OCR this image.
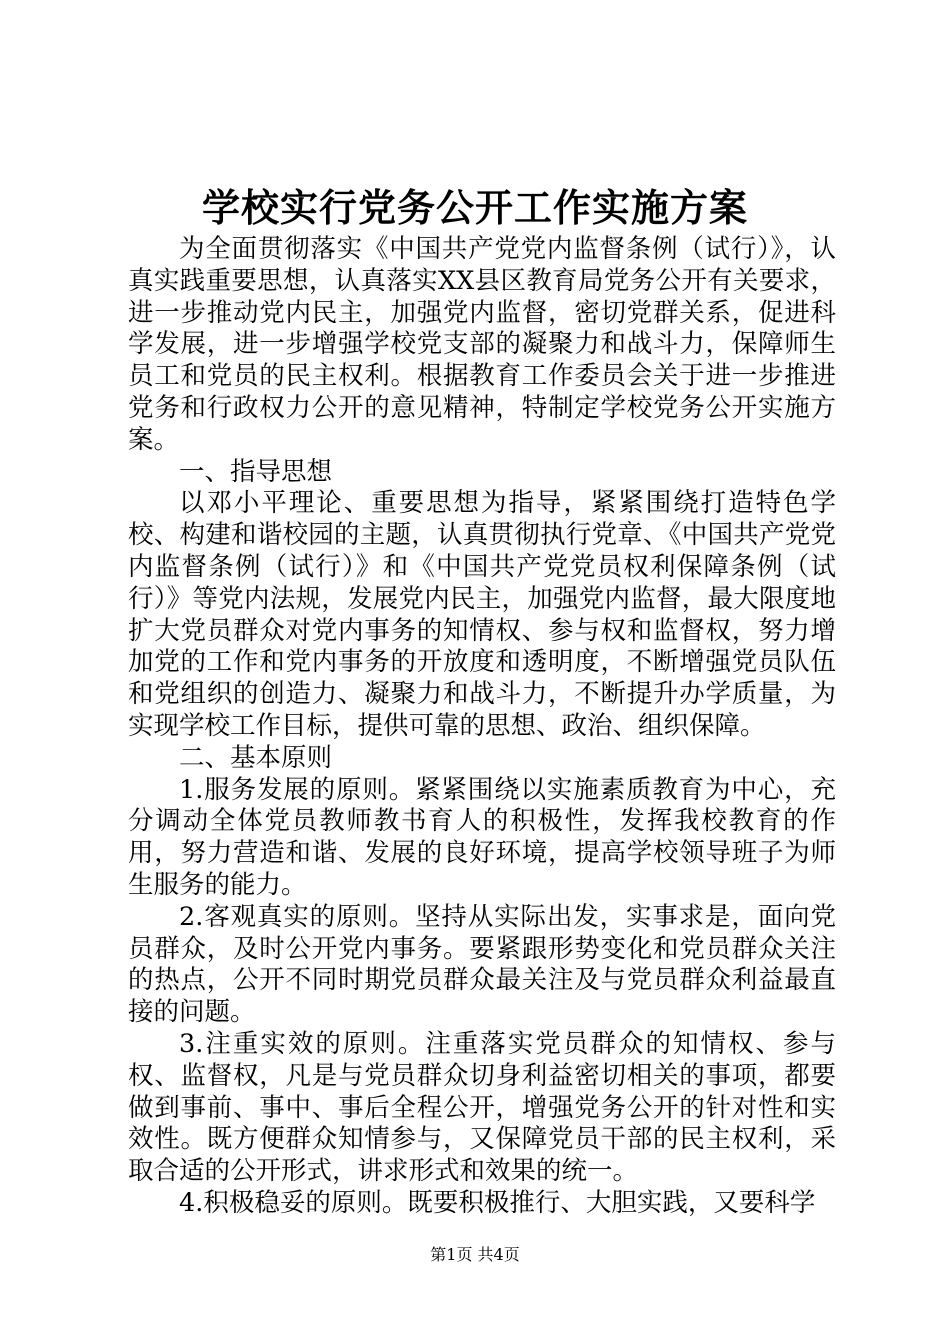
学校实行党务公开工作实施方案

为全面贯彻落实《中国共产党党内监督条例（试行）》，认真实践重要思想，认真落实XX县区教育局党务公开有关要求，进一步推动党内民主，加强党内监督，密切党群关系，促进科学发展，进一步增强学校党支部的凝聚力和战斗力，保障师生员工和党员的民主权利。根据教育工作委员会关于进一步推进党务和行政权力公开的意见精神，特制定学校党务公开实施方案。

一、指导思想

以邓小平理论、重要思想为指导，紧紧围绕打造特色学校、构建和谐校园的主题，认真贯彻执行党章、《中国共产党党内监督条例（试行）》和《中国共产党党员权利保障条例（试行）》等党内法规，发展党内民主，加强党内监督，最大限度地扩大党员群众对党内事务的知情权、参与权和监督权，努力增加党的工作和党内事务的开放度和透明度，不断增强党员队伍和党组织的创造力、凝聚力和战斗力，不断提升办学质量，为实现学校工作目标，提供可靠的思想、政治、组织保障。

二、基本原则

1.服务发展的原则。紧紧围绕以实施素质教育为中心，充分调动全体党员教师教书育人的积极性，发挥我校教育的作用，努力营造和谐、发展的良好环境，提高学校领导班子为师生服务的能力。

2.客观真实的原则。坚持从实际出发，实事求是，面向党员群众，及时公开党内事务。要紧跟形势变化和党员群众关注的热点，公开不同时期党员群众最关注及与党员群众利益最直接的问题。

3.注重实效的原则。注重落实党员群众的知情权、参与权、监督权，凡是与党员群众切身利益密切相关的事项，都要做到事前、事中、事后全程公开，增强党务公开的针对性和实效性。既方便群众知情参与，又保障党员干部的民主权利，采取合适的公开形式，讲求形式和效果的统一。

4.积极稳妥的原则。既要积极推行、大胆实践，又要科学

第1页 共4页
